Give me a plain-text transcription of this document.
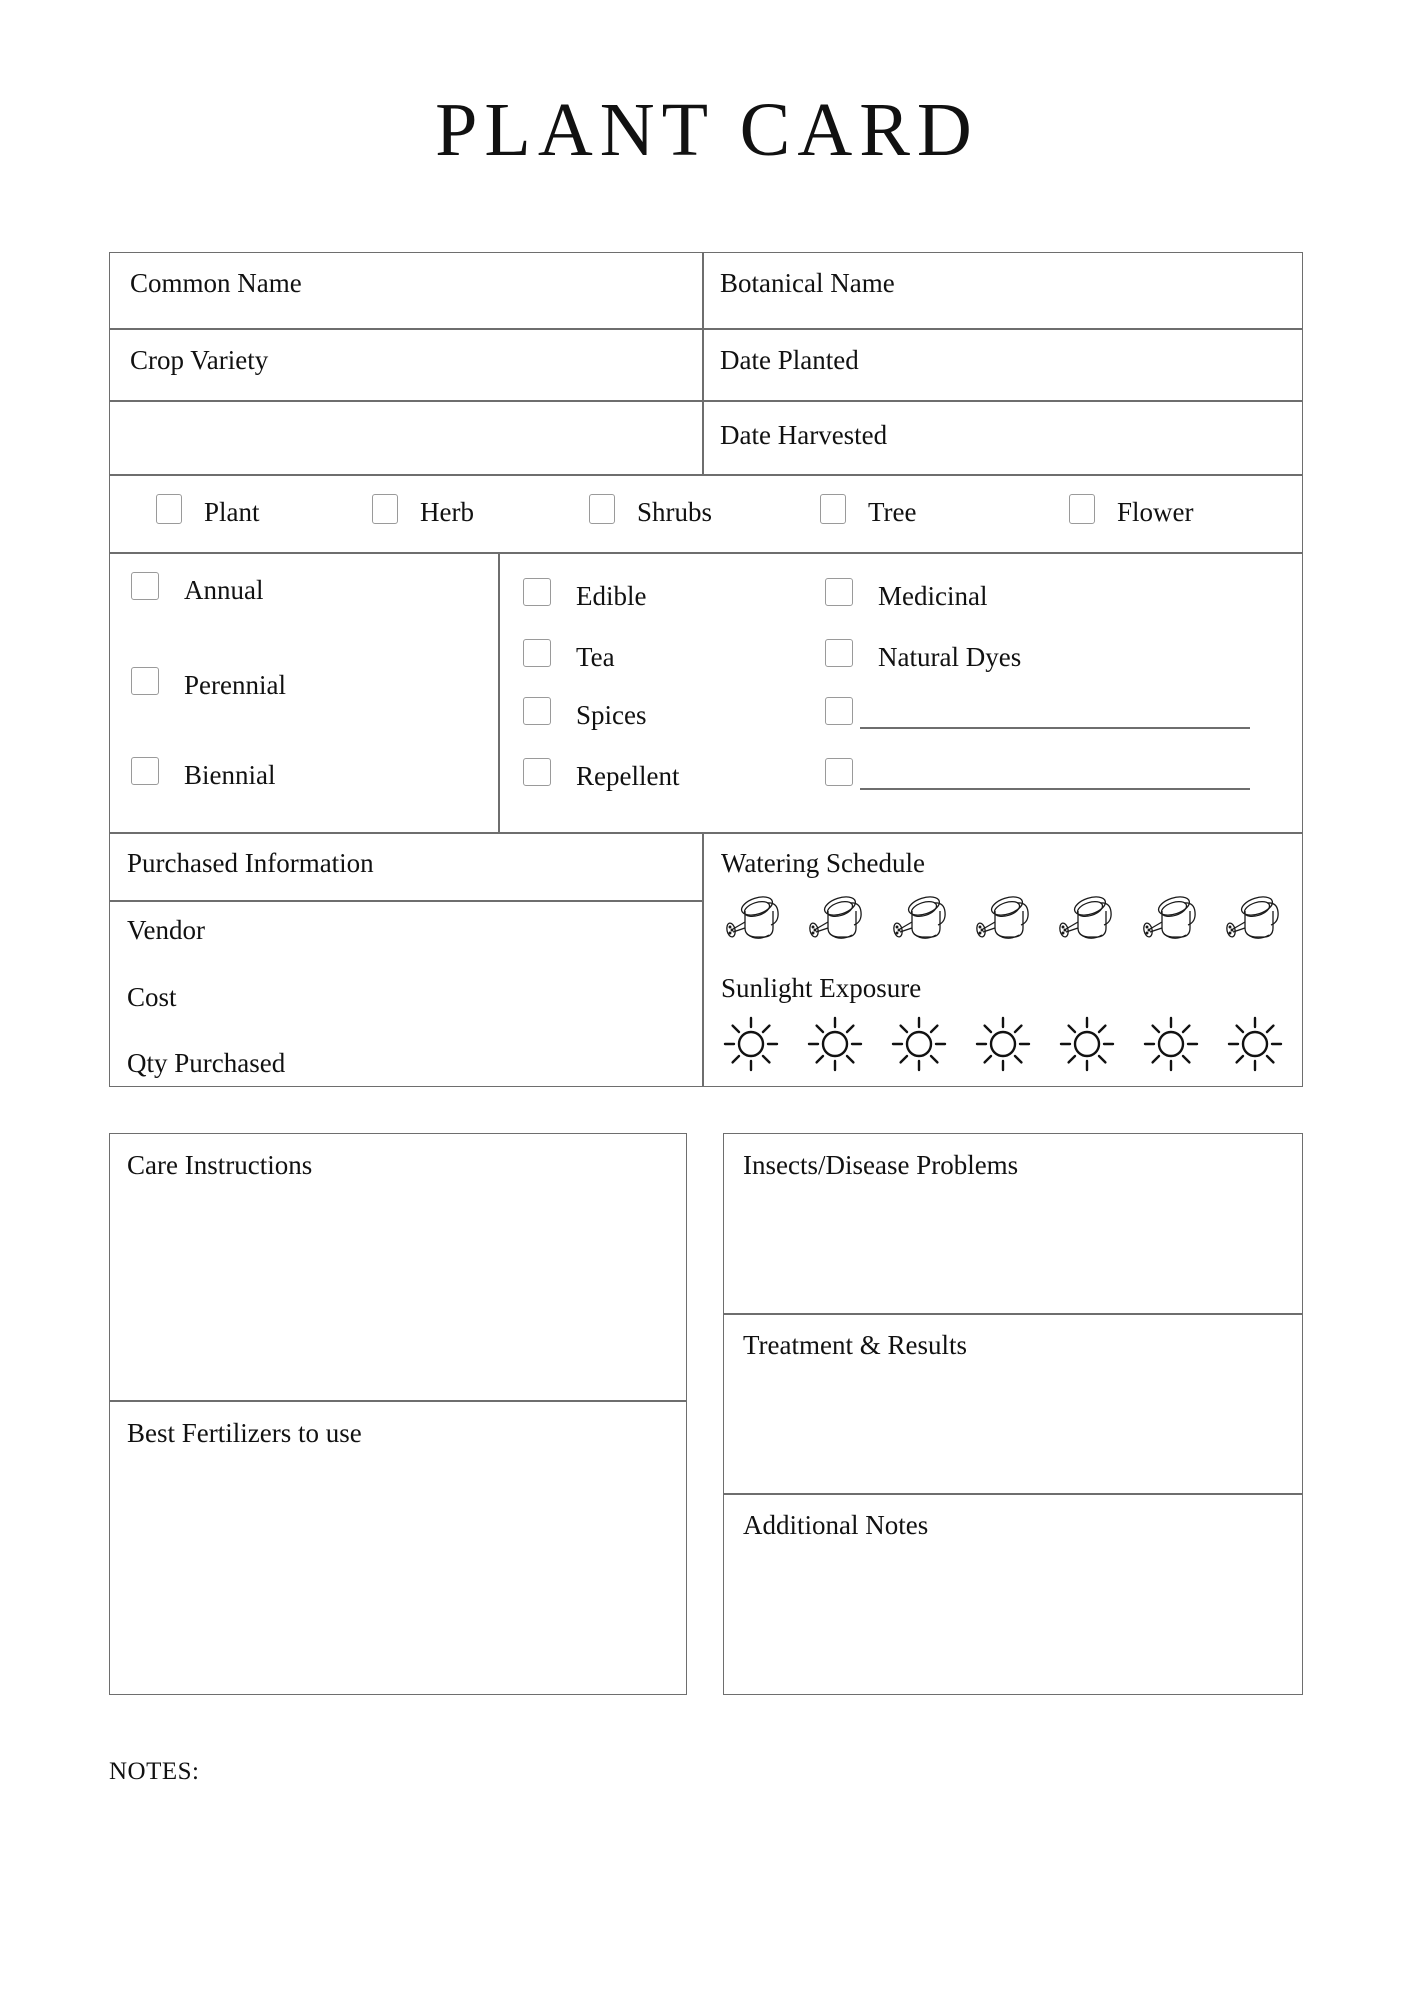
PLANT CARD
Common Name	Botanical Name
Crop Variety	Date Planted
Date Harvested
Plant	Herb	Shrubs	Tree	Flower
Annual
Perennial
Biennial
Edible
Tea
Spices
Repellent
Medicinal
Natural Dyes
Purchased Information
Vendor
Cost
Qty Purchased
Watering Schedule
Sunlight Exposure
Care Instructions
Best Fertilizers to use
Insects/Disease Problems
Treatment & Results
Additional Notes
NOTES:
